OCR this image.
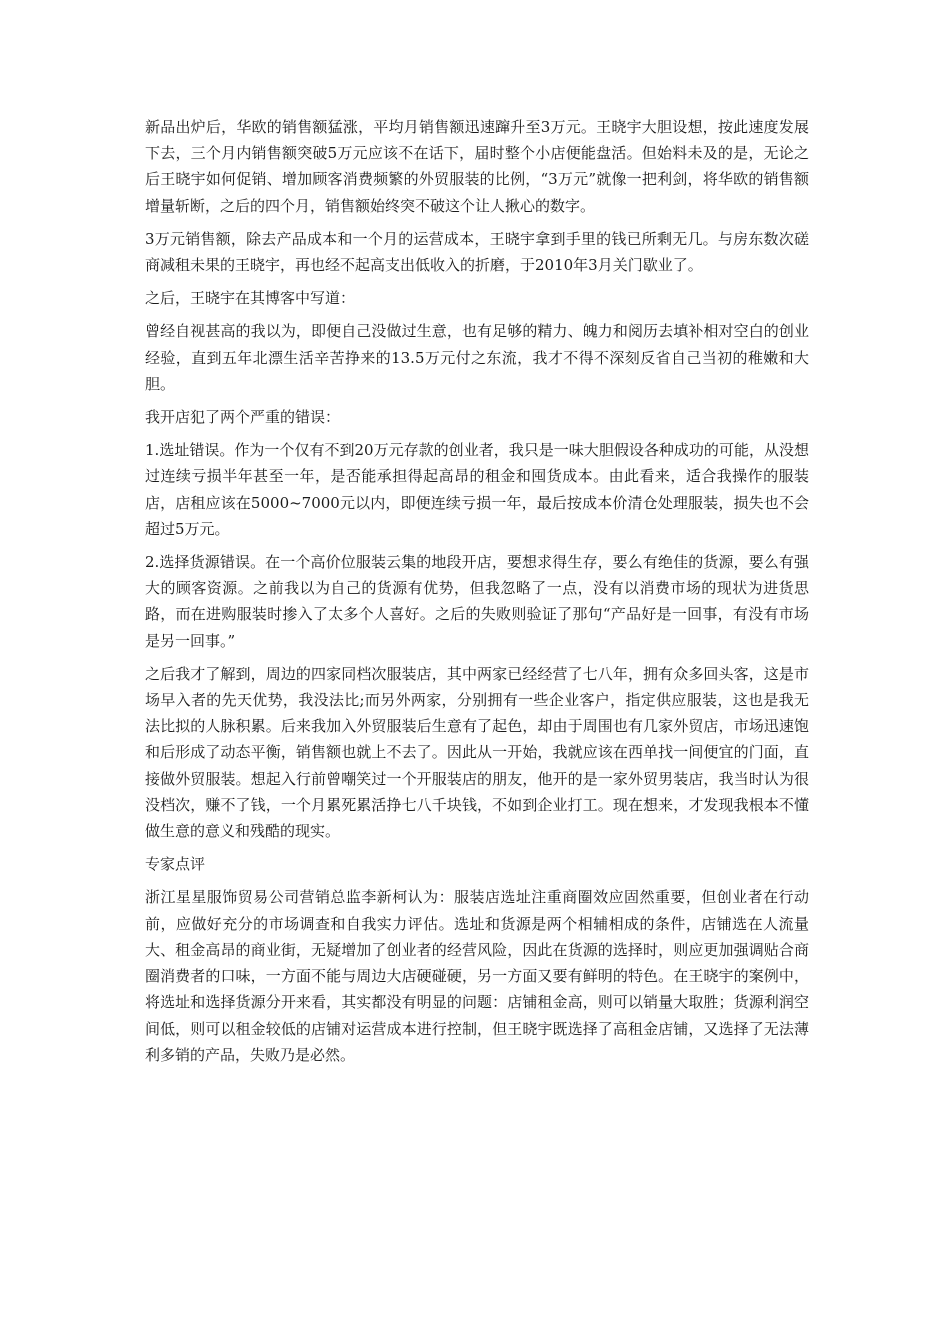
新品出炉后，华欧的销售额猛涨，平均月销售额迅速蹿升至3万元。王晓宇大胆设想，按此速度发展下去，三个月内销售额突破5万元应该不在话下，届时整个小店便能盘活。但始料未及的是，无论之后王晓宇如何促销、增加顾客消费频繁的外贸服装的比例，“3万元”就像一把利剑，将华欧的销售额增量斩断，之后的四个月，销售额始终突不破这个让人揪心的数字。

3万元销售额，除去产品成本和一个月的运营成本，王晓宇拿到手里的钱已所剩无几。与房东数次磋商减租未果的王晓宇，再也经不起高支出低收入的折磨，于2010年3月关门歇业了。

之后，王晓宇在其博客中写道：

曾经自视甚高的我以为，即便自己没做过生意，也有足够的精力、魄力和阅历去填补相对空白的创业经验，直到五年北漂生活辛苦挣来的13.5万元付之东流，我才不得不深刻反省自己当初的稚嫩和大胆。

我开店犯了两个严重的错误：

1.选址错误。作为一个仅有不到20万元存款的创业者，我只是一味大胆假设各种成功的可能，从没想过连续亏损半年甚至一年，是否能承担得起高昂的租金和囤货成本。由此看来，适合我操作的服装店，店租应该在5000~7000元以内，即便连续亏损一年，最后按成本价清仓处理服装，损失也不会超过5万元。

2.选择货源错误。在一个高价位服装云集的地段开店，要想求得生存，要么有绝佳的货源，要么有强大的顾客资源。之前我以为自己的货源有优势，但我忽略了一点，没有以消费市场的现状为进货思路，而在进购服装时掺入了太多个人喜好。之后的失败则验证了那句“产品好是一回事，有没有市场是另一回事。”

之后我才了解到，周边的四家同档次服装店，其中两家已经经营了七八年，拥有众多回头客，这是市场早入者的先天优势，我没法比;而另外两家，分别拥有一些企业客户，指定供应服装，这也是我无法比拟的人脉积累。后来我加入外贸服装后生意有了起色，却由于周围也有几家外贸店，市场迅速饱和后形成了动态平衡，销售额也就上不去了。因此从一开始，我就应该在西单找一间便宜的门面，直接做外贸服装。想起入行前曾嘲笑过一个开服装店的朋友，他开的是一家外贸男装店，我当时认为很没档次，赚不了钱，一个月累死累活挣七八千块钱，不如到企业打工。现在想来，才发现我根本不懂做生意的意义和残酷的现实。

专家点评

浙江星星服饰贸易公司营销总监李新柯认为：服装店选址注重商圈效应固然重要，但创业者在行动前，应做好充分的市场调查和自我实力评估。选址和货源是两个相辅相成的条件，店铺选在人流量大、租金高昂的商业街，无疑增加了创业者的经营风险，因此在货源的选择时，则应更加强调贴合商圈消费者的口味，一方面不能与周边大店硬碰硬，另一方面又要有鲜明的特色。在王晓宇的案例中，将选址和选择货源分开来看，其实都没有明显的问题：店铺租金高，则可以销量大取胜；货源利润空间低，则可以租金较低的店铺对运营成本进行控制，但王晓宇既选择了高租金店铺，又选择了无法薄利多销的产品，失败乃是必然。
